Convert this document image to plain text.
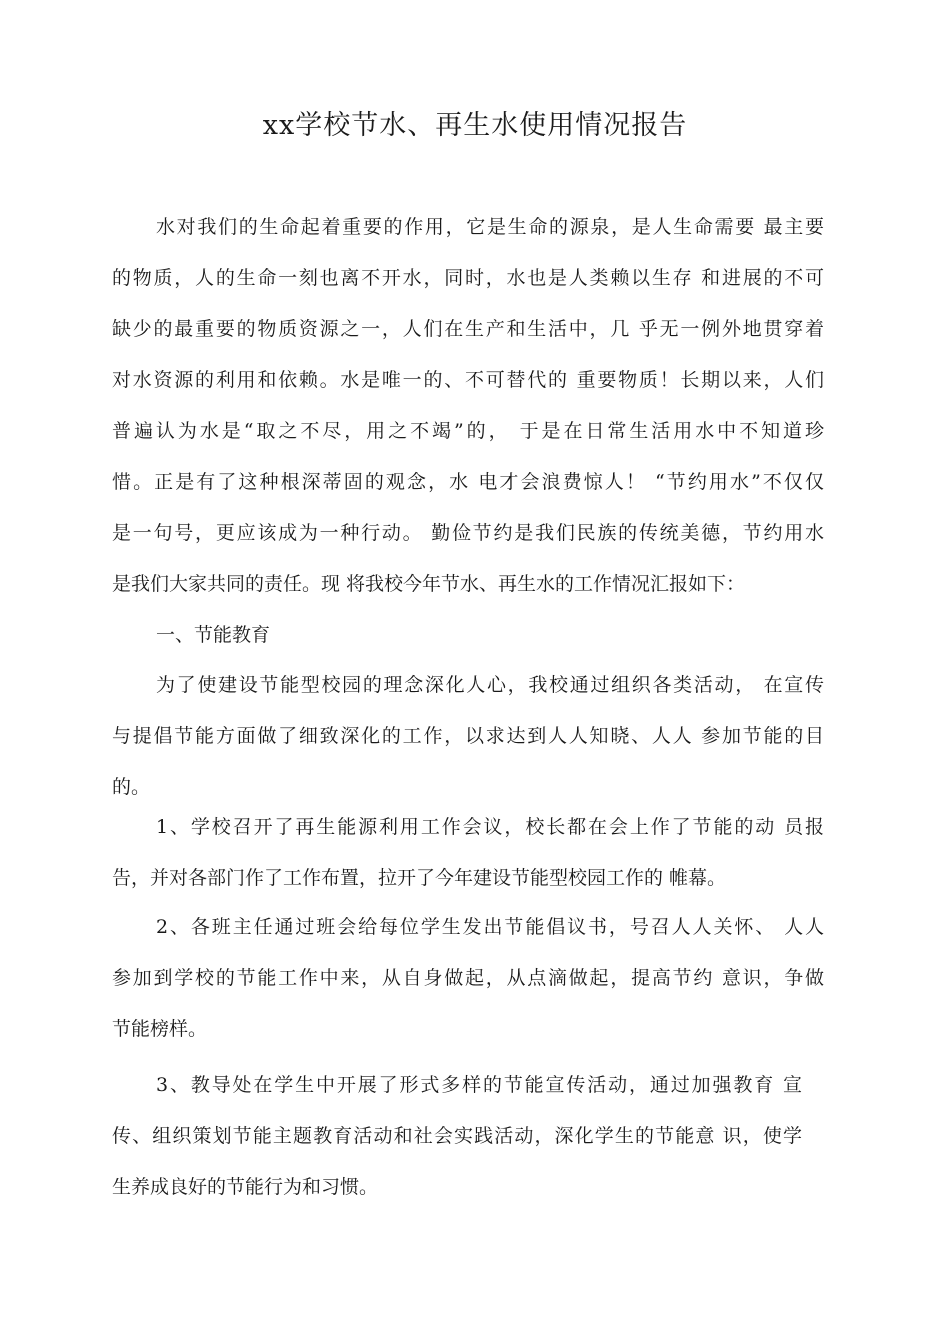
xx学校节水、再生水使用情况报告
水对我们的生命起着重要的作用，它是生命的源泉，是人生命需要 最主要
的物质，人的生命一刻也离不开水，同时，水也是人类赖以生存 和进展的不可
缺少的最重要的物质资源之一，人们在生产和生活中，几 乎无一例外地贯穿着
对水资源的利用和依赖。水是唯一的、不可替代的 重要物质！长期以来，人们
普遍认为水是“取之不尽，用之不竭”的， 于是在日常生活用水中不知道珍
惜。正是有了这种根深蒂固的观念，水 电才会浪费惊人！ “节约用水”不仅仅
是一句号，更应该成为一种行动。 勤俭节约是我们民族的传统美德，节约用水
是我们大家共同的责任。现 将我校今年节水、再生水的工作情况汇报如下：
一、节能教育
为了使建设节能型校园的理念深化人心，我校通过组织各类活动， 在宣传
与提倡节能方面做了细致深化的工作，以求达到人人知晓、人人 参加节能的目
的。
1、学校召开了再生能源利用工作会议，校长都在会上作了节能的动 员报
告，并对各部门作了工作布置，拉开了今年建设节能型校园工作的 帷幕。
2、各班主任通过班会给每位学生发出节能倡议书，号召人人关怀、 人人
参加到学校的节能工作中来，从自身做起，从点滴做起，提高节约 意识，争做
节能榜样。
3、教导处在学生中开展了形式多样的节能宣传活动，通过加强教育 宣
传、组织策划节能主题教育活动和社会实践活动，深化学生的节能意 识，使学
生养成良好的节能行为和习惯。
